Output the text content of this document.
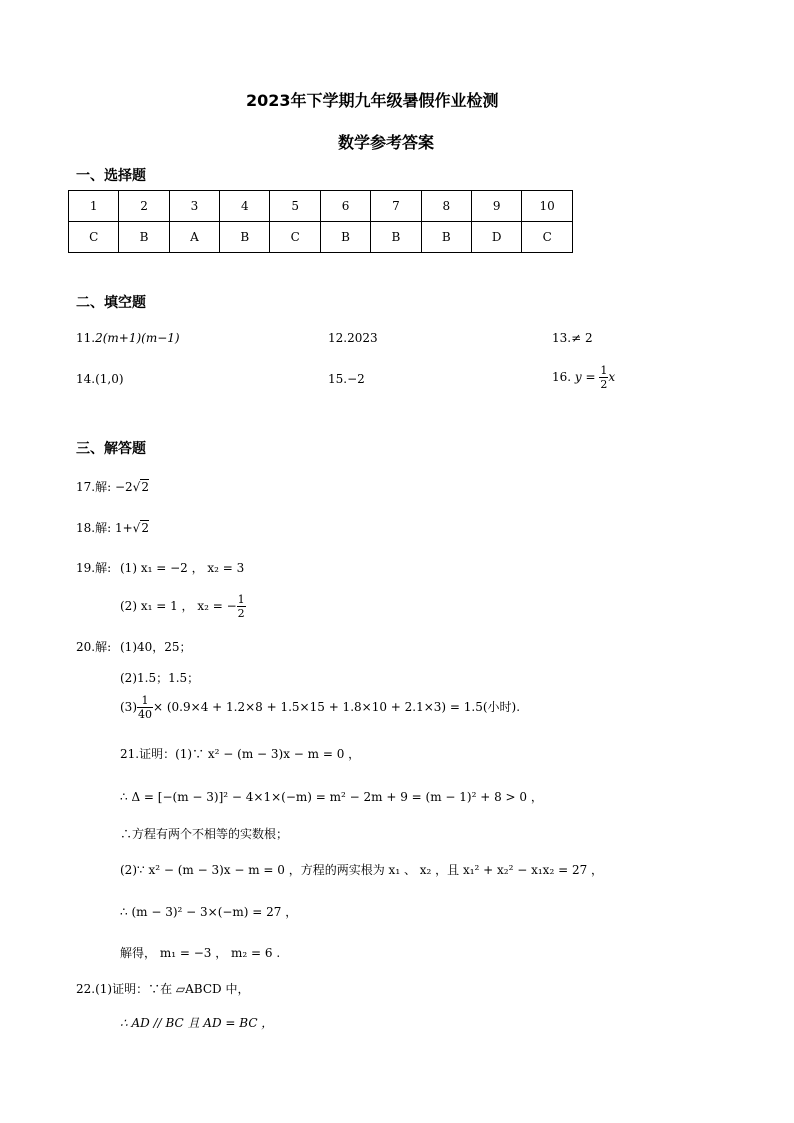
2023年下学期九年级暑假作业检测
数学参考答案
一、选择题
1	2	3	4	5	6	7	8	9	10
C	B	A	B	C	B	B	B	D	C
二、填空题
11.2(m+1)(m−1)	12.2023	13.≠ 2
14.(1,0)	15.−2	16. $y = \frac{1}{2}$ x
三、解答题
17.解: −2√2
18.解: 1+√2
19.解: (1) x₁ = −2 ， x₂ = 3
(2) x₁ = 1 ， x₂ = − $\frac{1}{2}$
20.解: (1)40，25；
(2)1.5；1.5；
$(3) \frac{1}{40} \times (0.9\times 4 + 1.2\times 8 + 1.5\times 15 + 1.8\times 10 + 2.1\times 3) = 1.5$(小时).
21.证明：(1)∵ x² − (m − 3)x − m = 0 ，
∴ Δ = [−(m − 3)]² − 4×1×(−m) = m² − 2m + 9 = (m − 1)² + 8 > 0 ，
∴方程有两个不相等的实数根；
(2)∵ x² − (m − 3)x − m = 0 ，方程的两实根为 x₁ 、 x₂ ，且 x₁² + x₂² − x₁x₂ = 27 ，
∴ (m − 3)² − 3×(−m) = 27 ，
解得， m₁ = −3 ， m₂ = 6 .
22.(1)证明：∵在 ▱ABCD 中，
∴ AD // BC 且 AD = BC ，
